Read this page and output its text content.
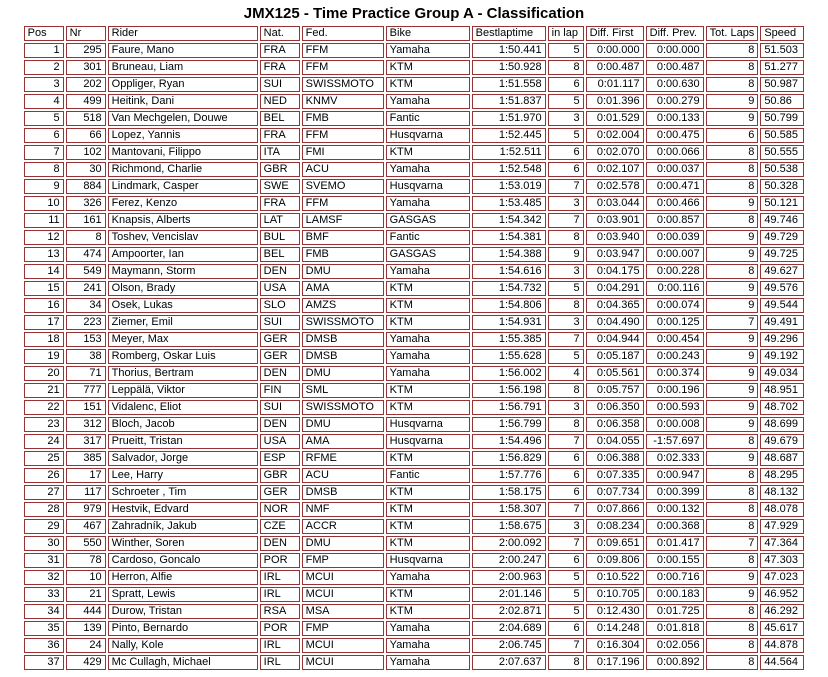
JMX125 - Time Practice Group A - Classification
Pos	Nr	Rider	Nat.	Fed.	Bike	Bestlaptime	in lap	Diff. First	Diff. Prev.	Tot. Laps	Speed
1	295	Faure, Mano	FRA	FFM	Yamaha	1:50.441	5	0:00.000	0:00.000	8	51.503
2	301	Bruneau, Liam	FRA	FFM	KTM	1:50.928	8	0:00.487	0:00.487	8	51.277
3	202	Oppliger, Ryan	SUI	SWISSMOTO	KTM	1:51.558	6	0:01.117	0:00.630	8	50.987
4	499	Heitink, Dani	NED	KNMV	Yamaha	1:51.837	5	0:01.396	0:00.279	9	50.86
5	518	Van Mechgelen, Douwe	BEL	FMB	Fantic	1:51.970	3	0:01.529	0:00.133	9	50.799
6	66	Lopez, Yannis	FRA	FFM	Husqvarna	1:52.445	5	0:02.004	0:00.475	6	50.585
7	102	Mantovani, Filippo	ITA	FMI	KTM	1:52.511	6	0:02.070	0:00.066	8	50.555
8	30	Richmond, Charlie	GBR	ACU	Yamaha	1:52.548	6	0:02.107	0:00.037	8	50.538
9	884	Lindmark, Casper	SWE	SVEMO	Husqvarna	1:53.019	7	0:02.578	0:00.471	8	50.328
10	326	Ferez, Kenzo	FRA	FFM	Yamaha	1:53.485	3	0:03.044	0:00.466	9	50.121
11	161	Knapsis, Alberts	LAT	LAMSF	GASGAS	1:54.342	7	0:03.901	0:00.857	8	49.746
12	8	Toshev, Vencislav	BUL	BMF	Fantic	1:54.381	8	0:03.940	0:00.039	9	49.729
13	474	Ampoorter, Ian	BEL	FMB	GASGAS	1:54.388	9	0:03.947	0:00.007	9	49.725
14	549	Maymann, Storm	DEN	DMU	Yamaha	1:54.616	3	0:04.175	0:00.228	8	49.627
15	241	Olson, Brady	USA	AMA	KTM	1:54.732	5	0:04.291	0:00.116	9	49.576
16	34	Osek, Lukas	SLO	AMZS	KTM	1:54.806	8	0:04.365	0:00.074	9	49.544
17	223	Ziemer, Emil	SUI	SWISSMOTO	KTM	1:54.931	3	0:04.490	0:00.125	7	49.491
18	153	Meyer, Max	GER	DMSB	Yamaha	1:55.385	7	0:04.944	0:00.454	9	49.296
19	38	Romberg, Oskar Luis	GER	DMSB	Yamaha	1:55.628	5	0:05.187	0:00.243	9	49.192
20	71	Thorius, Bertram	DEN	DMU	Yamaha	1:56.002	4	0:05.561	0:00.374	9	49.034
21	777	Leppälä, Viktor	FIN	SML	KTM	1:56.198	8	0:05.757	0:00.196	9	48.951
22	151	Vidalenc, Eliot	SUI	SWISSMOTO	KTM	1:56.791	3	0:06.350	0:00.593	9	48.702
23	312	Bloch, Jacob	DEN	DMU	Husqvarna	1:56.799	8	0:06.358	0:00.008	9	48.699
24	317	Prueitt, Tristan	USA	AMA	Husqvarna	1:54.496	7	0:04.055	-1:57.697	8	49.679
25	385	Salvador, Jorge	ESP	RFME	KTM	1:56.829	6	0:06.388	0:02.333	9	48.687
26	17	Lee, Harry	GBR	ACU	Fantic	1:57.776	6	0:07.335	0:00.947	8	48.295
27	117	Schroeter , Tim	GER	DMSB	KTM	1:58.175	6	0:07.734	0:00.399	8	48.132
28	979	Hestvik, Edvard	NOR	NMF	KTM	1:58.307	7	0:07.866	0:00.132	8	48.078
29	467	Zahradník, Jakub	CZE	ACCR	KTM	1:58.675	3	0:08.234	0:00.368	8	47.929
30	550	Winther, Soren	DEN	DMU	KTM	2:00.092	7	0:09.651	0:01.417	7	47.364
31	78	Cardoso, Goncalo	POR	FMP	Husqvarna	2:00.247	6	0:09.806	0:00.155	8	47.303
32	10	Herron, Alfie	IRL	MCUI	Yamaha	2:00.963	5	0:10.522	0:00.716	9	47.023
33	21	Spratt, Lewis	IRL	MCUI	KTM	2:01.146	5	0:10.705	0:00.183	9	46.952
34	444	Durow, Tristan	RSA	MSA	KTM	2:02.871	5	0:12.430	0:01.725	8	46.292
35	139	Pinto, Bernardo	POR	FMP	Yamaha	2:04.689	6	0:14.248	0:01.818	8	45.617
36	24	Nally, Kole	IRL	MCUI	Yamaha	2:06.745	7	0:16.304	0:02.056	8	44.878
37	429	Mc Cullagh, Michael	IRL	MCUI	Yamaha	2:07.637	8	0:17.196	0:00.892	8	44.564
